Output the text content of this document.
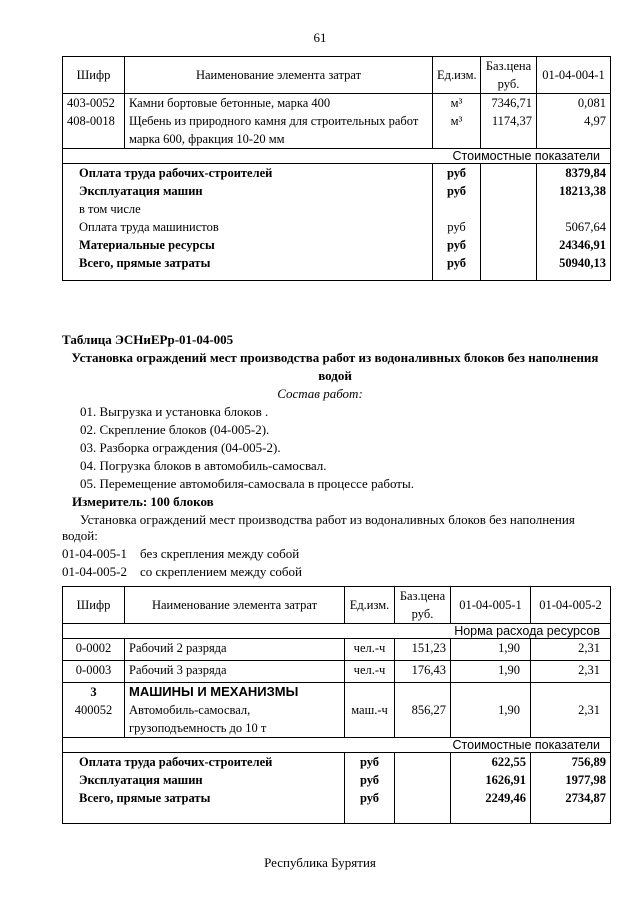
61
Шифр	Наименование элемента затрат	Ед.изм.	Баз.цена руб.	01-04-004-1
403-0052	Камни бортовые бетонные, марка 400	м³	7346,71	0,081
408-0018	Щебень из природного камня для строительных работ марка 600, фракция 10-20 мм	м³	1174,37	4,97
Стоимостные показатели				
Оплата труда рабочих-строителей		руб		8379,84
Эксплуатация машин		руб		18213,38
в том числе				
Оплата труда машинистов		руб		5067,64
Материальные ресурсы		руб		24346,91
Всего, прямые затраты		руб		50940,13
Таблица ЭСНиЕРр-01-04-005
Установка ограждений мест производства работ из водоналивных блоков без наполнения водой
Состав работ:
01. Выгрузка и установка блоков .
02. Скрепление блоков (04-005-2).
03. Разборка ограждения (04-005-2).
04. Погрузка блоков в автомобиль-самосвал.
05. Перемещение автомобиля-самосвала в процессе работы.
Измеритель: 100 блоков
Установка ограждений мест производства работ из водоналивных блоков без наполнения
водой:
01-04-005-1 без скрепления между собой
01-04-005-2 со скреплением между собой
Шифр	Наименование элемента затрат	Ед.изм.	Баз.цена руб.	01-04-005-1	01-04-005-2
Норма расхода ресурсов					
0-0002	Рабочий 2 разряда	чел.-ч	151,23	1,90	2,31
0-0003	Рабочий 3 разряда	чел.-ч	176,43	1,90	2,31
3	МАШИНЫ И МЕХАНИЗМЫ				
400052	Автомобиль-самосвал, грузоподъемность до 10 т	маш.-ч	856,27	1,90	2,31
Стоимостные показатели					
Оплата труда рабочих-строителей		руб		622,55	756,89
Эксплуатация машин		руб		1626,91	1977,98
Всего, прямые затраты		руб		2249,46	2734,87
Республика Бурятия
